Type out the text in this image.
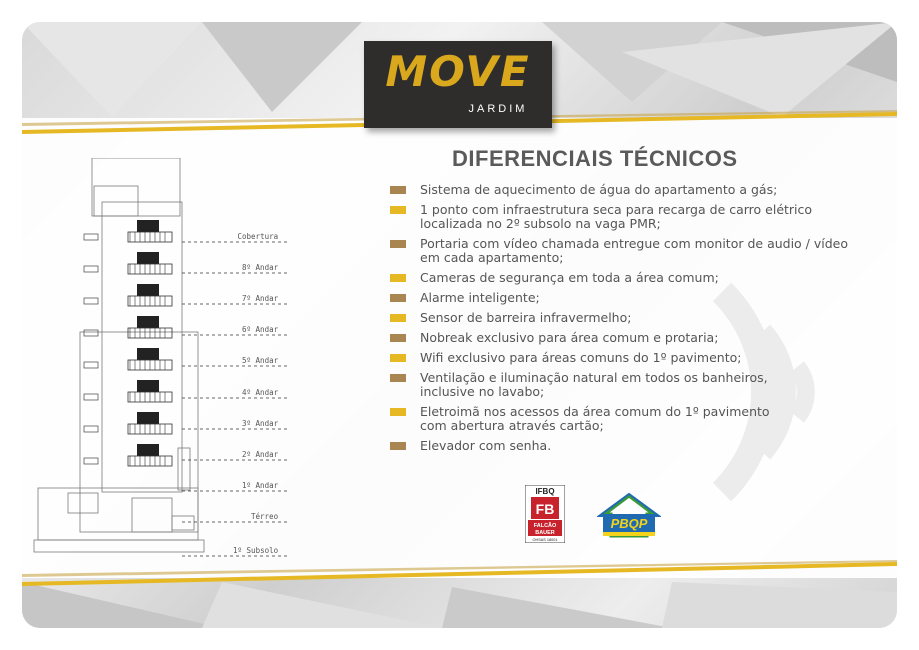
MOVE
JARDIM
DIFERENCIAIS TÉCNICOS
Sistema de aquecimento de água do apartamento a gás;
1 ponto com infraestrutura seca para recarga de carro elétrico
localizada no 2º subsolo na vaga PMR;
Portaria com vídeo chamada entregue com monitor de audio / vídeo
em cada apartamento;
Cameras de segurança em toda a área comum;
Alarme inteligente;
Sensor de barreira infravermelho;
Nobreak exclusivo para área comum e protaria;
Wifi exclusivo para áreas comuns do 1º pavimento;
Ventilação e iluminação natural em todos os banheiros,
inclusive no lavabo;
Eletroimã nos acessos da área comum do 1º pavimento
com abertura através cartão;
Elevador com senha.
Cobertura
8º Andar
7º Andar
6º Andar
5º Andar
4º Andar
3º Andar
2º Andar
1º Andar
Térreo
1º Subsolo
IFBQ
FB
FALCÃO
BAUER
OHSAS 18001
PBQP
